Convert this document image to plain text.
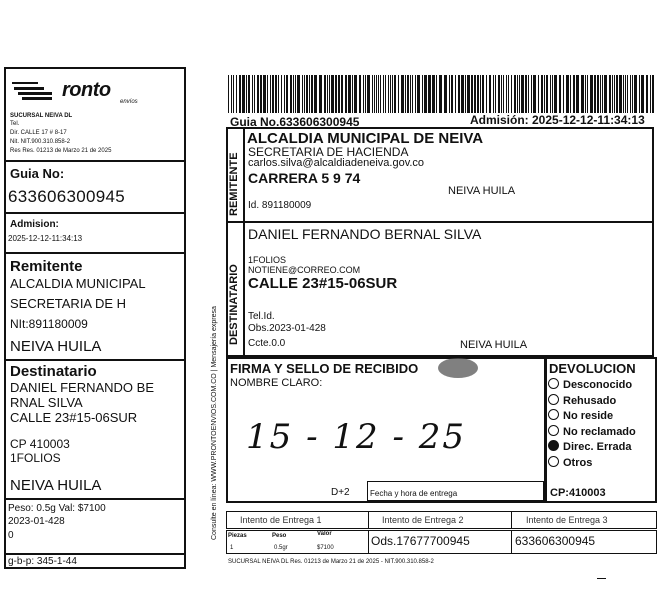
ronto
envíos
SUCURSAL NEIVA DL
Tel.
Dir. CALLE 17 # 8-17
Nit. NIT.900.310.858-2
Res Res. 01213 de Marzo 21 de 2025
Guia No:
633606300945
Admision:
2025-12-12-11:34:13
Remitente
ALCALDIA MUNICIPAL
SECRETARIA DE H
NIt:891180009
NEIVA HUILA
Destinatario
DANIEL FERNANDO BE
RNAL SILVA
CALLE 23#15-06SUR
CP 410003
1FOLIOS
NEIVA HUILA
Peso: 0.5g Val: $7100
2023-01-428
0
g-b-p: 345-1-44
Consulte en línea: WWW.PRONTOENVIOS.COM.CO | Mensajería expresa
Guia No.633606300945	Admisión: 2025-12-12-11:34:13
REMITENTE
ALCALDIA MUNICIPAL DE NEIVA
SECRETARIA DE HACIENDA
carlos.silva@alcaldiadeneiva.gov.co
CARRERA 5 9 74
NEIVA HUILA
Id. 891180009
DESTINATARIO
DANIEL FERNANDO BERNAL SILVA
1FOLIOS
NOTIENE@CORREO.COM
CALLE 23#15-06SUR
Tel.Id.
Obs.2023-01-428
Ccte.0.0	NEIVA HUILA
FIRMA Y SELLO DE RECIBIDO
NOMBRE CLARO:
15 - 12 - 25
D+2	Fecha y hora de entrega
DEVOLUCION
Desconocido
Rehusado
No reside
No reclamado
Direc. Errada
Otros
CP:410003
Intento de Entrega 1	Intento de Entrega 2	Intento de Entrega 3
Piezas	Peso	Valor
1	0.5gr	$7100	Ods.17677700945	633606300945
SUCURSAL NEIVA DL Res. 01213 de Marzo 21 de 2025 - NIT.900.310.858-2
